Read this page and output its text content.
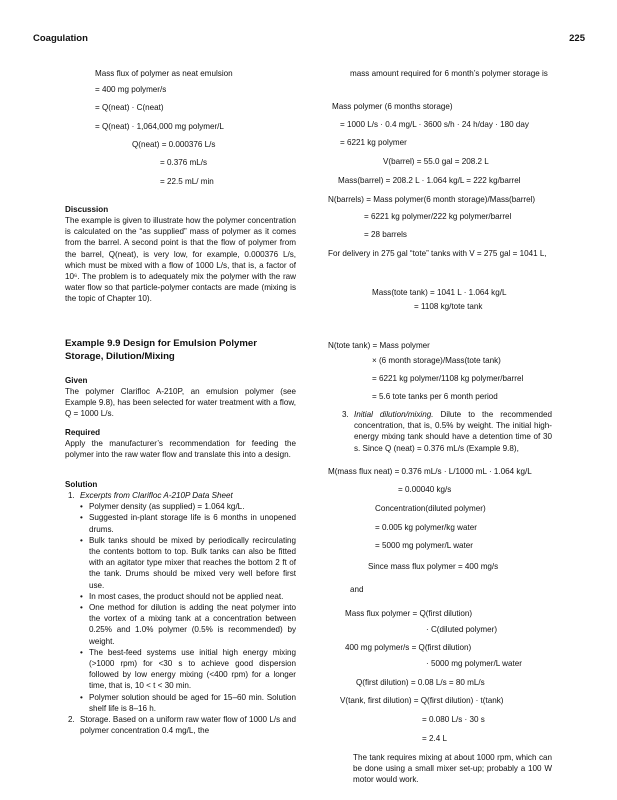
Coagulation	225
Mass flux of polymer as neat emulsion
= 400 mg polymer/s
= Q(neat) · C(neat)
= Q(neat) · 1,064,000 mg polymer/L
Q(neat) = 0.000376 L/s
= 0.376 mL/s
= 22.5 mL/ min
Discussion
The example is given to illustrate how the polymer concentration is calculated on the “as supplied” mass of polymer as it comes from the barrel. A second point is that the flow of polymer from the barrel, Q(neat), is very low, for example, 0.000376 L/s, which must be mixed with a flow of 1000 L/s, that is, a factor of 10⁶. The problem is to adequately mix the polymer with the raw water flow so that particle-polymer contacts are made (mixing is the topic of Chapter 10).
Example 9.9 Design for Emulsion Polymer Storage, Dilution/Mixing
Given
The polymer Clarifloc A-210P, an emulsion polymer (see Example 9.8), has been selected for water treatment with a flow, Q = 1000 L/s.
Required
Apply the manufacturer’s recommendation for feeding the polymer into the raw water flow and translate this into a design.
Solution
1. Excerpts from Clarifloc A-210P Data Sheet
• Polymer density (as supplied) = 1.064 kg/L.
• Suggested in-plant storage life is 6 months in unopened drums.
• Bulk tanks should be mixed by periodically recirculating the contents bottom to top. Bulk tanks can also be fitted with an agitator type mixer that reaches the bottom 2 ft of the tank. Drums should be mixed very well before first use.
• In most cases, the product should not be applied neat.
• One method for dilution is adding the neat polymer into the vortex of a mixing tank at a concentration between 0.25% and 1.0% polymer (0.5% is recommended) by weight.
• The best-feed systems use initial high energy mixing (>1000 rpm) for <30 s to achieve good dispersion followed by low energy mixing (<400 rpm) for a longer time, that is, 10 < t < 30 min.
• Polymer solution should be aged for 15–60 min. Solution shelf life is 8–16 h.
2. Storage. Based on a uniform raw water flow of 1000 L/s and polymer concentration 0.4 mg/L, the
mass amount required for 6 month’s polymer storage is
Mass polymer (6 months storage)
= 1000 L/s · 0.4 mg/L · 3600 s/h · 24 h/day · 180 day
= 6221 kg polymer
V(barrel) = 55.0 gal = 208.2 L
Mass(barrel) = 208.2 L · 1.064 kg/L = 222 kg/barrel
N(barrels) = Mass polymer(6 month storage)/Mass(barrel)
= 6221 kg polymer/222 kg polymer/barrel
= 28 barrels
For delivery in 275 gal “tote” tanks with V = 275 gal = 1041 L,
Mass(tote tank) = 1041 L · 1.064 kg/L
= 1108 kg/tote tank
N(tote tank) = Mass polymer
× (6 month storage)/Mass(tote tank)
= 6221 kg polymer/1108 kg polymer/barrel
= 5.6 tote tanks per 6 month period
3. Initial dilution/mixing. Dilute to the recommended concentration, that is, 0.5% by weight. The initial high-energy mixing tank should have a detention time of 30 s. Since Q (neat) = 0.376 mL/s (Example 9.8),
M(mass flux neat) = 0.376 mL/s · L/1000 mL · 1.064 kg/L
= 0.00040 kg/s
Concentration(diluted polymer)
= 0.005 kg polymer/kg water
= 5000 mg polymer/L water
Since mass flux polymer = 400 mg/s
and
Mass flux polymer = Q(first dilution)
· C(diluted polymer)
400 mg polymer/s = Q(first dilution)
· 5000 mg polymer/L water
Q(first dilution) = 0.08 L/s = 80 mL/s
V(tank, first dilution) = Q(first dilution) · t(tank)
= 0.080 L/s · 30 s
= 2.4 L
The tank requires mixing at about 1000 rpm, which can be done using a small mixer set-up; probably a 100 W motor would work.
